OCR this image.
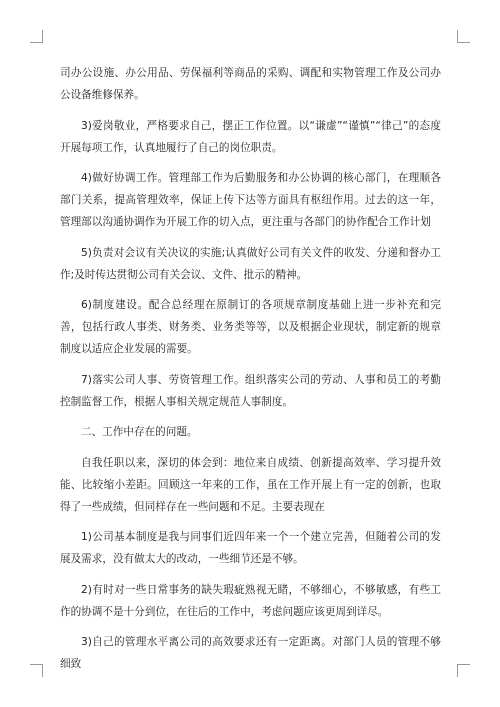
司办公设施、办公用品、劳保福利等商品的采购、调配和实物管理工作及公司办公设备维修保养。

3)爱岗敬业，严格要求自己，摆正工作位置。以“谦虚”“谨慎”“律己”的态度开展每项工作，认真地履行了自己的岗位职责。

4)做好协调工作。管理部工作为后勤服务和办公协调的核心部门，在理顺各部门关系，提高管理效率，保证上传下达等方面具有枢纽作用。过去的这一年，管理部以沟通协调作为开展工作的切入点，更注重与各部门的协作配合工作计划

5)负责对会议有关决议的实施;认真做好公司有关文件的收发、分递和督办工作;及时传达贯彻公司有关会议、文件、批示的精神。

6)制度建设。配合总经理在原制订的各项规章制度基础上进一步补充和完善，包括行政人事类、财务类、业务类等等，以及根据企业现状，制定新的规章制度以适应企业发展的需要。

7)落实公司人事、劳资管理工作。组织落实公司的劳动、人事和员工的考勤控制监督工作，根据人事相关规定规范人事制度。

二、工作中存在的问题。

自我任职以来，深切的体会到：地位来自成绩、创新提高效率、学习提升效能、比较缩小差距。回顾这一年来的工作，虽在工作开展上有一定的创新，也取得了一些成绩，但同样存在一些问题和不足。主要表现在

1)公司基本制度是我与同事们近四年来一个一个建立完善，但随着公司的发展及需求，没有做太大的改动，一些细节还是不够。

2)有时对一些日常事务的缺失瑕疵熟视无睹，不够细心，不够敏感，有些工作的协调不是十分到位，在往后的工作中，考虑问题应该更周到详尽。

3)自己的管理水平离公司的高效要求还有一定距离。对部门人员的管理不够细致
